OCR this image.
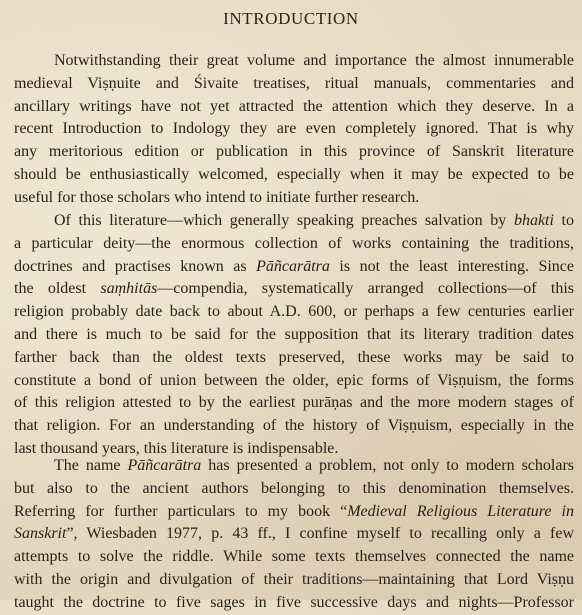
INTRODUCTION
Notwithstanding their great volume and importance the almost innumerable
medieval Viṣṇuite and Śivaite treatises, ritual manuals, commentaries and
ancillary writings have not yet attracted the attention which they deserve. In a
recent Introduction to Indology they are even completely ignored. That is why
any meritorious edition or publication in this province of Sanskrit literature
should be enthusiastically welcomed, especially when it may be expected to be
useful for those scholars who intend to initiate further research.
Of this literature—which generally speaking preaches salvation by bhakti to
a particular deity—the enormous collection of works containing the traditions,
doctrines and practises known as Pāñcarātra is not the least interesting. Since
the oldest saṃhitās—compendia, systematically arranged collections—of this
religion probably date back to about A.D. 600, or perhaps a few centuries earlier
and there is much to be said for the supposition that its literary tradition dates
farther back than the oldest texts preserved, these works may be said to
constitute a bond of union between the older, epic forms of Viṣṇuism, the forms
of this religion attested to by the earliest purāṇas and the more modern stages of
that religion. For an understanding of the history of Viṣṇuism, especially in the
last thousand years, this literature is indispensable.
The name Pāñcarātra has presented a problem, not only to modern scholars
but also to the ancient authors belonging to this denomination themselves.
Referring for further particulars to my book “Medieval Religious Literature in
Sanskrit”, Wiesbaden 1977, p. 43 ff., I confine myself to recalling only a few
attempts to solve the riddle. While some texts themselves connected the name
with the origin and divulgation of their traditions—maintaining that Lord Viṣṇu
taught the doctrine to five sages in five successive days and nights—Professor
